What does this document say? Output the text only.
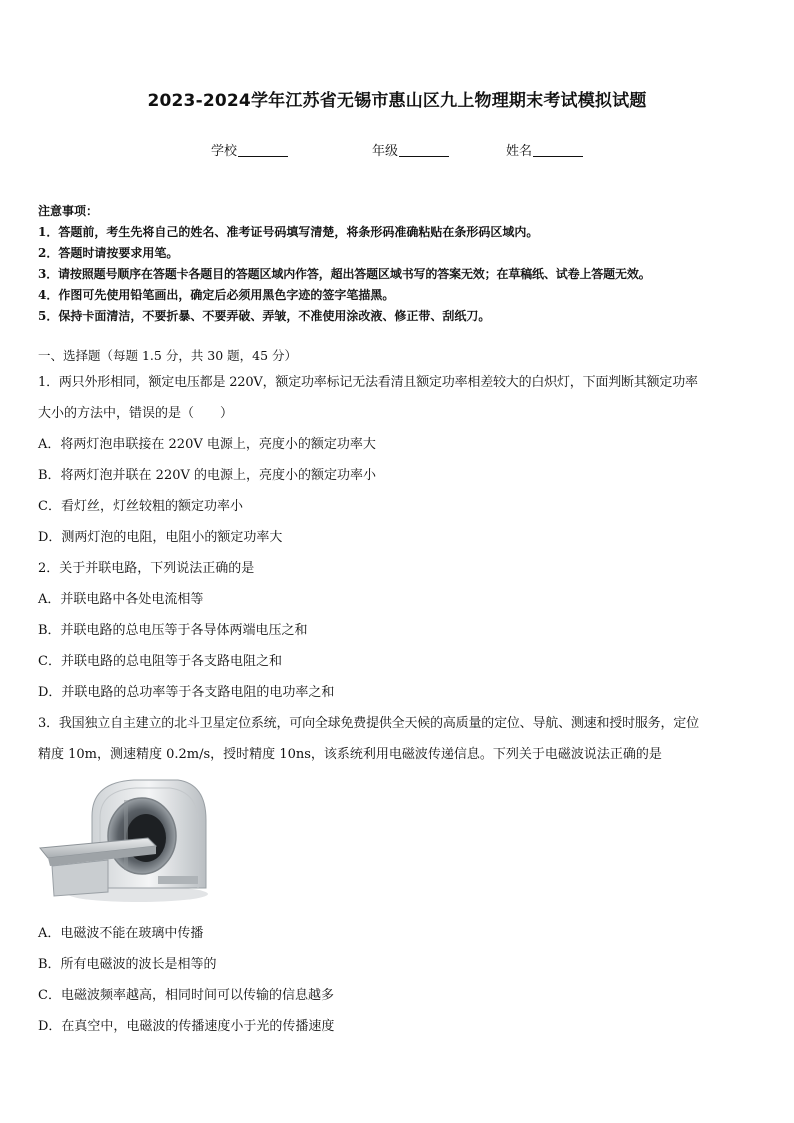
2023-2024学年江苏省无锡市惠山区九上物理期末考试模拟试题
学校	年级	姓名
注意事项：
1．答题前，考生先将自己的姓名、准考证号码填写清楚，将条形码准确粘贴在条形码区域内。
2．答题时请按要求用笔。
3．请按照题号顺序在答题卡各题目的答题区域内作答，超出答题区域书写的答案无效；在草稿纸、试卷上答题无效。
4．作图可先使用铅笔画出，确定后必须用黑色字迹的签字笔描黑。
5．保持卡面清洁，不要折暴、不要弄破、弄皱，不准使用涂改液、修正带、刮纸刀。
一、选择题（每题 1.5 分，共 30 题，45 分）
1．两只外形相同，额定电压都是 220V，额定功率标记无法看清且额定功率相差较大的白炽灯，下面判断其额定功率
大小的方法中，错误的是（　　）
A．将两灯泡串联接在 220V 电源上，亮度小的额定功率大
B．将两灯泡并联在 220V 的电源上，亮度小的额定功率小
C．看灯丝，灯丝较粗的额定功率小
D．测两灯泡的电阻，电阻小的额定功率大
2．关于并联电路，下列说法正确的是
A．并联电路中各处电流相等
B．并联电路的总电压等于各导体两端电压之和
C．并联电路的总电阻等于各支路电阻之和
D．并联电路的总功率等于各支路电阻的电功率之和
3．我国独立自主建立的北斗卫星定位系统，可向全球免费提供全天候的高质量的定位、导航、测速和授时服务，定位
精度 10m，测速精度 0.2m/s，授时精度 10ns，该系统利用电磁波传递信息。下列关于电磁波说法正确的是
A．电磁波不能在玻璃中传播
B．所有电磁波的波长是相等的
C．电磁波频率越高，相同时间可以传输的信息越多
D．在真空中，电磁波的传播速度小于光的传播速度
